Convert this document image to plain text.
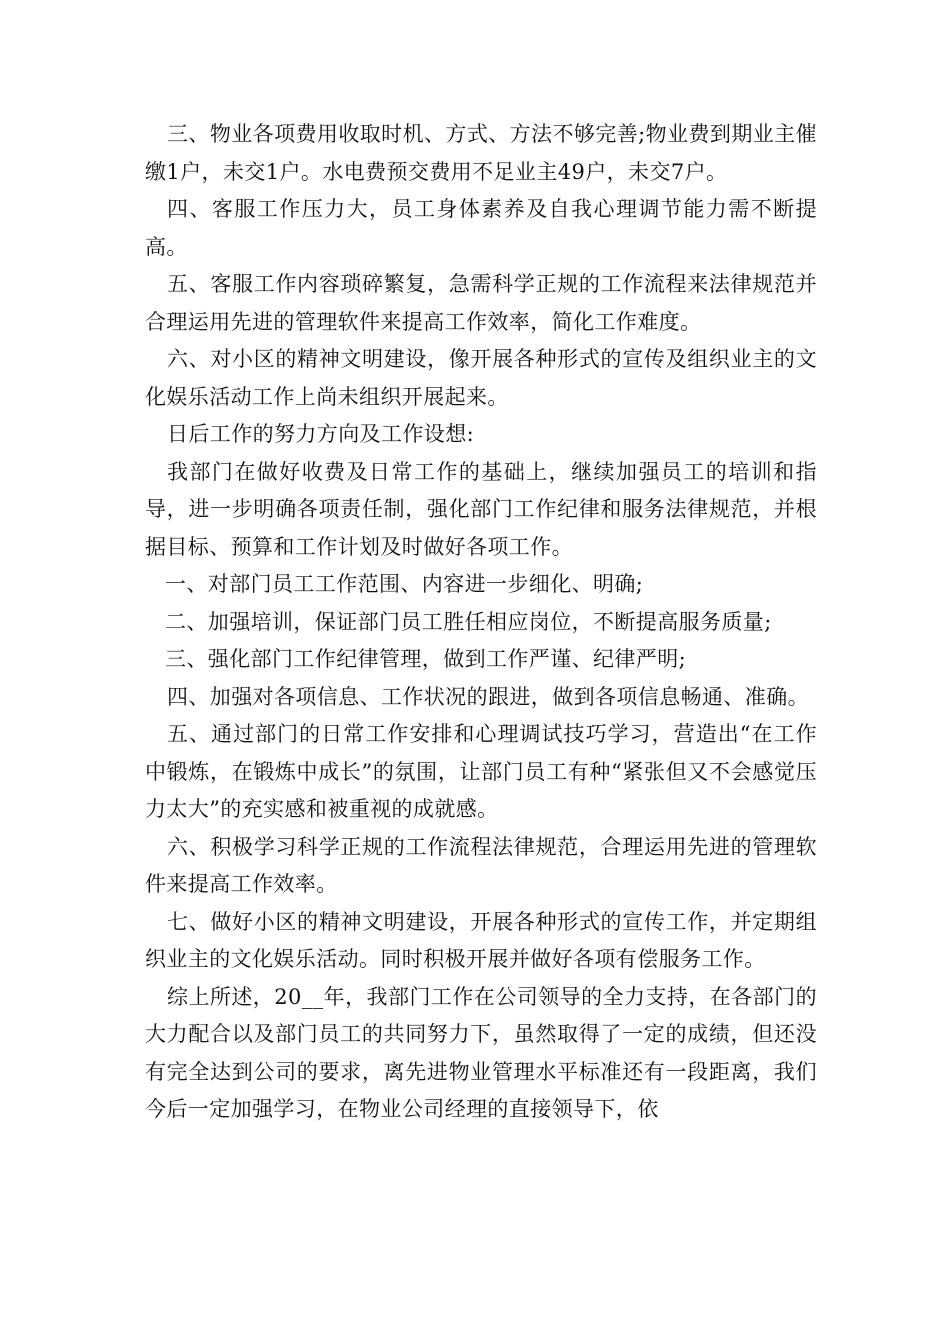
三、物业各项费用收取时机、方式、方法不够完善;物业费到期业主催缴1户，未交1户。水电费预交费用不足业主49户，未交7户。

四、客服工作压力大，员工身体素养及自我心理调节能力需不断提高。

五、客服工作内容琐碎繁复，急需科学正规的工作流程来法律规范并合理运用先进的管理软件来提高工作效率，简化工作难度。

六、对小区的精神文明建设，像开展各种形式的宣传及组织业主的文化娱乐活动工作上尚未组织开展起来。

日后工作的努力方向及工作设想:

我部门在做好收费及日常工作的基础上，继续加强员工的培训和指导，进一步明确各项责任制，强化部门工作纪律和服务法律规范，并根据目标、预算和工作计划及时做好各项工作。

一、对部门员工工作范围、内容进一步细化、明确;

二、加强培训，保证部门员工胜任相应岗位，不断提高服务质量;

三、强化部门工作纪律管理，做到工作严谨、纪律严明;

四、加强对各项信息、工作状况的跟进，做到各项信息畅通、准确。

五、通过部门的日常工作安排和心理调试技巧学习，营造出“在工作中锻炼，在锻炼中成长”的氛围，让部门员工有种“紧张但又不会感觉压力太大”的充实感和被重视的成就感。

六、积极学习科学正规的工作流程法律规范，合理运用先进的管理软件来提高工作效率。

七、做好小区的精神文明建设，开展各种形式的宣传工作，并定期组织业主的文化娱乐活动。同时积极开展并做好各项有偿服务工作。

综上所述，20__年，我部门工作在公司领导的全力支持，在各部门的大力配合以及部门员工的共同努力下，虽然取得了一定的成绩，但还没有完全达到公司的要求，离先进物业管理水平标准还有一段距离，我们今后一定加强学习，在物业公司经理的直接领导下，依
